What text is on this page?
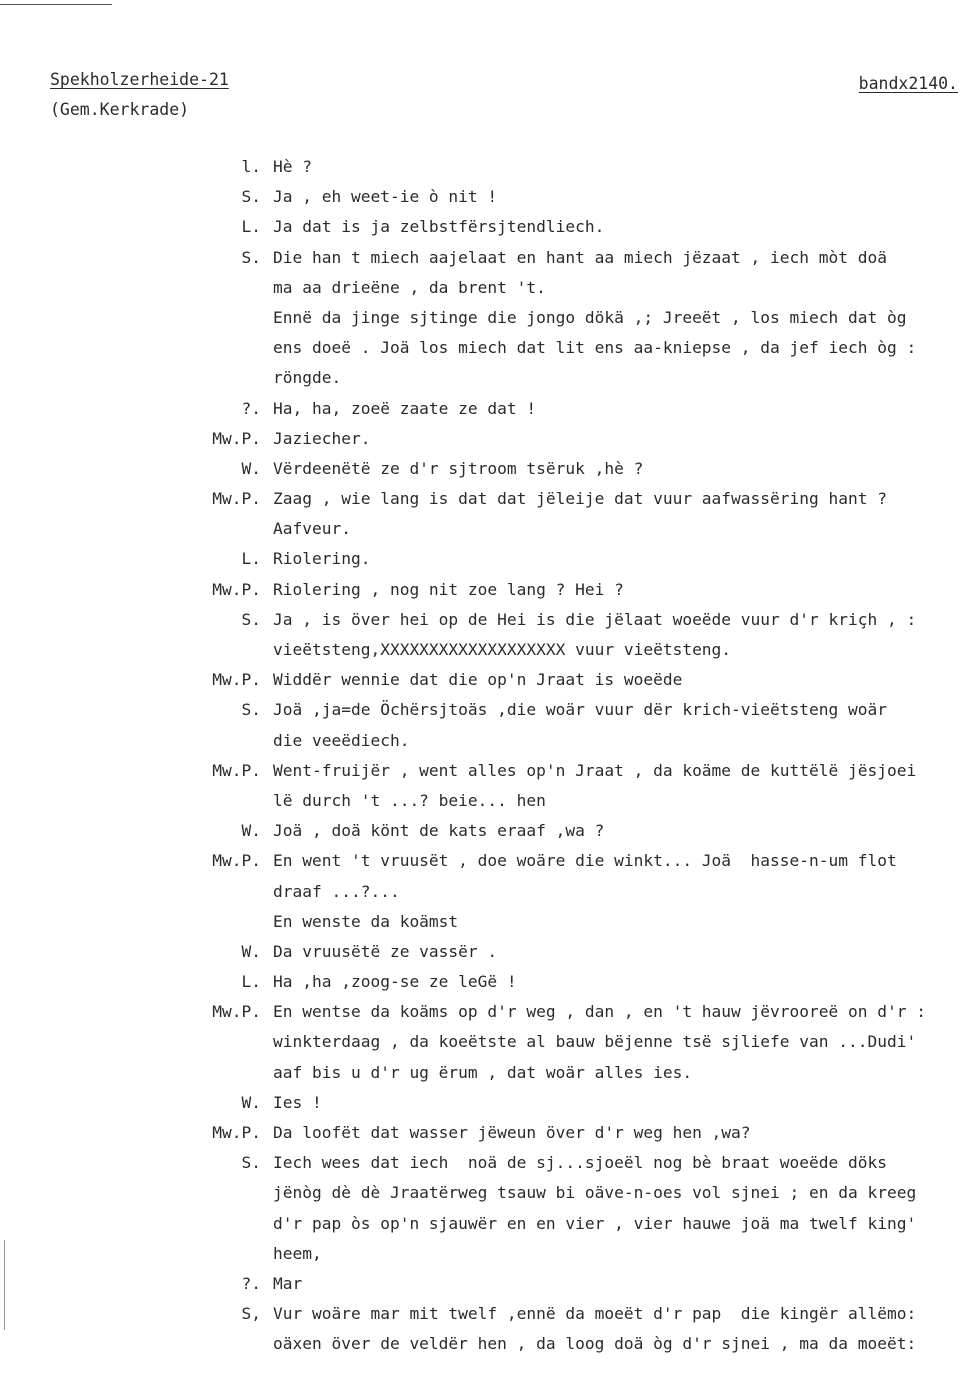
Spekholzerheide-21
(Gem.Kerkrade)
bandx2140.
l. Hè ?
S. Ja , eh weet-ie ò nit !
L. Ja dat is ja zelbstfërsjtendliech.
S. Die han t miech aajelaat en hant aa miech jëzaat , iech mòt doä
ma aa drieëne , da brent 't.
Ennë da jinge sjtinge die jongo dökä ,; Jreeët , los miech dat òg
ens doeë . Joä los miech dat lit ens aa-kniepse , da jef iech òg :
röngde.
?. Ha, ha, zoeë zaate ze dat !
Mw.P. Jaziecher.
W. Vërdeenëtë ze d'r sjtroom tsëruk ,hè ?
Mw.P. Zaag , wie lang is dat dat jëleije dat vuur aafwassëring hant ?
Aafveur.
L. Riolering.
Mw.P. Riolering , nog nit zoe lang ? Hei ?
S. Ja , is över hei op de Hei is die jëlaat woeëde vuur d'r kriçh , :
vieëtsteng,XXXXXXXXXXXXXXXXXXX vuur vieëtsteng.
Mw.P. Widdër wennie dat die op'n Jraat is woeëde
S. Joä ,ja=de Öchërsjtoäs ,die woär vuur dër krich-vieëtsteng woär
die veeëdiech.
Mw.P. Went-fruijër , went alles op'n Jraat , da koäme de kuttëlë jësjoei
lë durch 't ...? beie... hen
W. Joä , doä könt de kats eraaf ,wa ?
Mw.P. En went 't vruusët , doe woäre die winkt... Joä  hasse-n-um flot
draaf ...?...
En wenste da koämst
W. Da vruusëtë ze vassër .
L. Ha ,ha ,zoog-se ze leGë !
Mw.P. En wentse da koäms op d'r weg , dan , en 't hauw jëvrooreë on d'r :
winkterdaag , da koeëtste al bauw bëjenne tsë sjliefe van ...Dudi'
aaf bis u d'r ug ërum , dat woär alles ies.
W. Ies !
Mw.P. Da loofët dat wasser jëweun över d'r weg hen ,wa?
S. Iech wees dat iech  noä de sj...sjoeël nog bè braat woeëde döks
jënòg dè dè Jraatërweg tsauw bi oäve-n-oes vol sjnei ; en da kreeg
d'r pap òs op'n sjauwër en en vier , vier hauwe joä ma twelf king'
heem,
?. Mar
S, Vur woäre mar mit twelf ,ennë da moeët d'r pap  die kingër allëmo:
oäxen över de veldër hen , da loog doä òg d'r sjnei , ma da moeët:
